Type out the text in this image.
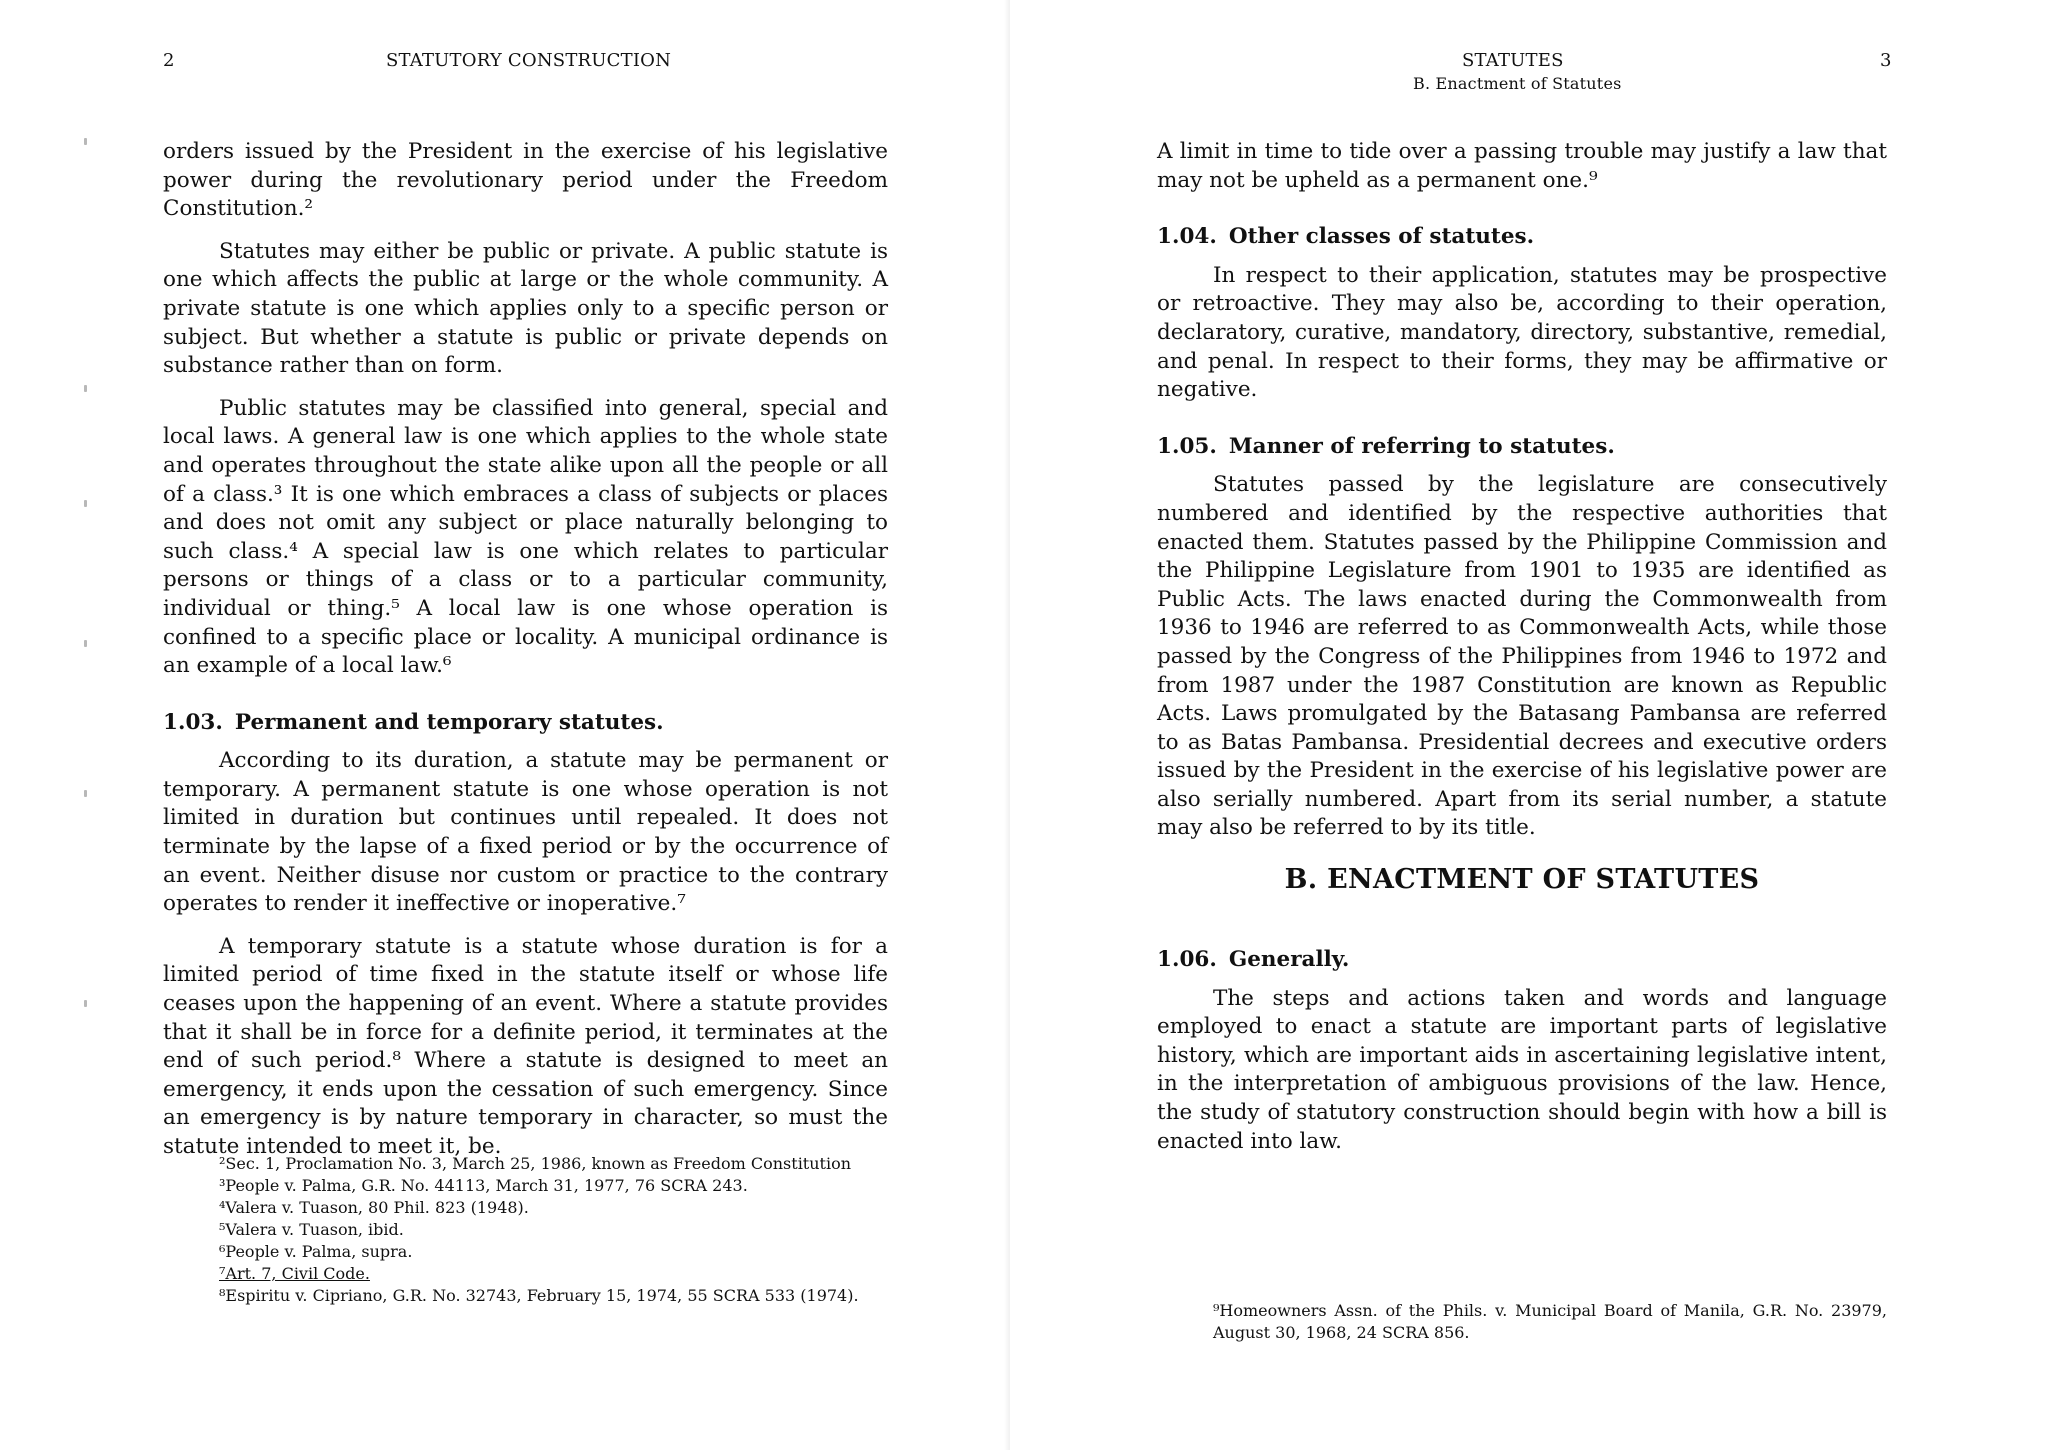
2	STATUTORY CONSTRUCTION

orders issued by the President in the exercise of his legislative power during the revolutionary period under the Freedom Constitution.²

Statutes may either be public or private. A public statute is one which affects the public at large or the whole community. A private statute is one which applies only to a specific person or subject. But whether a statute is public or private depends on substance rather than on form.

Public statutes may be classified into general, special and local laws. A general law is one which applies to the whole state and operates throughout the state alike upon all the people or all of a class.³ It is one which embraces a class of subjects or places and does not omit any subject or place naturally belonging to such class.⁴ A special law is one which relates to particular persons or things of a class or to a particular community, individual or thing.⁵ A local law is one whose operation is confined to a specific place or locality. A municipal ordinance is an example of a local law.⁶

1.03. Permanent and temporary statutes.

According to its duration, a statute may be permanent or temporary. A permanent statute is one whose operation is not limited in duration but continues until repealed. It does not terminate by the lapse of a fixed period or by the occurrence of an event. Neither disuse nor custom or practice to the contrary operates to render it ineffective or inoperative.⁷

A temporary statute is a statute whose duration is for a limited period of time fixed in the statute itself or whose life ceases upon the happening of an event. Where a statute provides that it shall be in force for a definite period, it terminates at the end of such period.⁸ Where a statute is designed to meet an emergency, it ends upon the cessation of such emergency. Since an emergency is by nature temporary in character, so must the statute intended to meet it, be.

²Sec. 1, Proclamation No. 3, March 25, 1986, known as Freedom Constitution
³People v. Palma, G.R. No. 44113, March 31, 1977, 76 SCRA 243.
⁴Valera v. Tuason, 80 Phil. 823 (1948).
⁵Valera v. Tuason, ibid.
⁶People v. Palma, supra.
⁷Art. 7, Civil Code.
⁸Espiritu v. Cipriano, G.R. No. 32743, February 15, 1974, 55 SCRA 533 (1974).
STATUTES
B. Enactment of Statutes
3

A limit in time to tide over a passing trouble may justify a law that may not be upheld as a permanent one.⁹

1.04. Other classes of statutes.

In respect to their application, statutes may be prospective or retroactive. They may also be, according to their operation, declaratory, curative, mandatory, directory, substantive, remedial, and penal. In respect to their forms, they may be affirmative or negative.

1.05. Manner of referring to statutes.

Statutes passed by the legislature are consecutively numbered and identified by the respective authorities that enacted them. Statutes passed by the Philippine Commission and the Philippine Legislature from 1901 to 1935 are identified as Public Acts. The laws enacted during the Commonwealth from 1936 to 1946 are referred to as Commonwealth Acts, while those passed by the Congress of the Philippines from 1946 to 1972 and from 1987 under the 1987 Constitution are known as Republic Acts. Laws promulgated by the Batasang Pambansa are referred to as Batas Pambansa. Presidential decrees and executive orders issued by the President in the exercise of his legislative power are also serially numbered. Apart from its serial number, a statute may also be referred to by its title.

B. ENACTMENT OF STATUTES
1.06. Generally.

The steps and actions taken and words and language employed to enact a statute are important parts of legislative history, which are important aids in ascertaining legislative intent, in the interpretation of ambiguous provisions of the law. Hence, the study of statutory construction should begin with how a bill is enacted into law.

⁹Homeowners Assn. of the Phils. v. Municipal Board of Manila, G.R. No. 23979, August 30, 1968, 24 SCRA 856.
